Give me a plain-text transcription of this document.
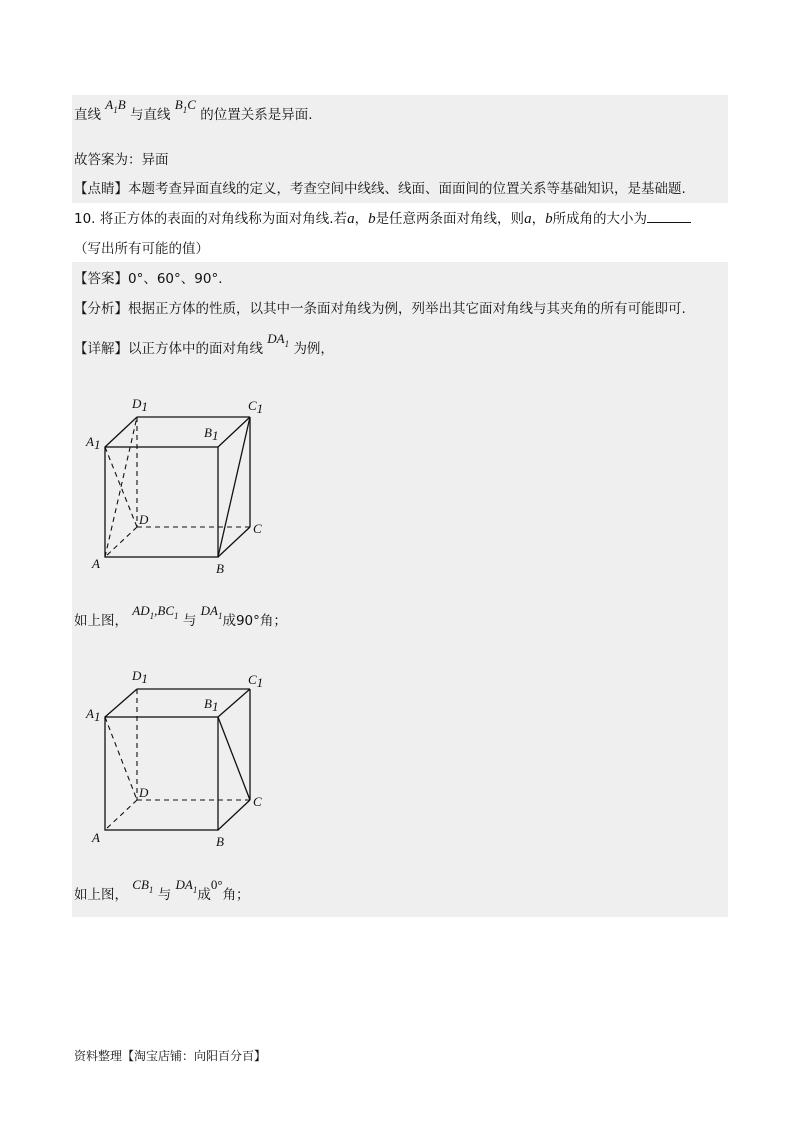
直线 $A_1B$ 与直线 $B_1C$ 的位置关系是异面.
故答案为：异面
【点睛】本题考查异面直线的定义，考查空间中线线、线面、面面间的位置关系等基础知识，是基础题.
10. 将正方体的表面的对角线称为面对角线.若a，b是任意两条面对角线，则a，b所成角的大小为
（写出所有可能的值）
【答案】0°、60°、90°.
【分析】根据正方体的性质，以其中一条面对角线为例，列举出其它面对角线与其夹角的所有可能即可.
【详解】以正方体中的面对角线 $DA_1$ 为例，
D1	C1
A1
B1
D
C
A	B
如上图， $AD_1,BC_1$ 与 $DA_1$成90°角；
D1	C1
A1
B1
D
C
A	B
如上图， $CB_1$ 与 $DA_1$成0°角；
资料整理【淘宝店铺：向阳百分百】
